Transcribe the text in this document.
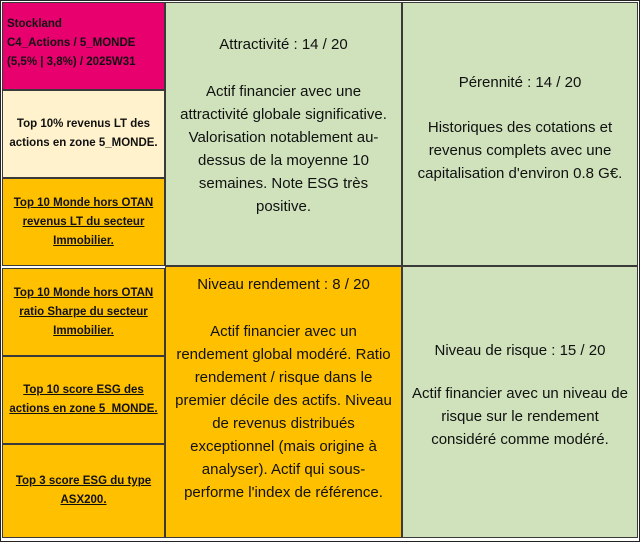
Stockland
C4_Actions / 5_MONDE
(5,5% | 3,8%) / 2025W31
Top 10% revenus LT des actions en zone 5_MONDE.
Top 10 Monde hors OTAN revenus LT du secteur Immobilier.
Top 10 Monde hors OTAN ratio Sharpe du secteur Immobilier.
Top 10 score ESG des actions en zone 5_MONDE.
Top 3 score ESG du type ASX200.
Attractivité : 14 / 20
Actif financier avec une attractivité globale significative. Valorisation notablement au-dessus de la moyenne 10 semaines. Note ESG très positive.
Pérennité : 14 / 20
Historiques des cotations et revenus complets avec une capitalisation d'environ 0.8 G€.
Niveau rendement : 8 / 20
Actif financier avec un rendement global modéré. Ratio rendement / risque dans le premier décile des actifs. Niveau de revenus distribués exceptionnel (mais origine à analyser). Actif qui sous-performe l'index de référence.
Niveau de risque : 15 / 20
Actif financier avec un niveau de risque sur le rendement considéré comme modéré.
